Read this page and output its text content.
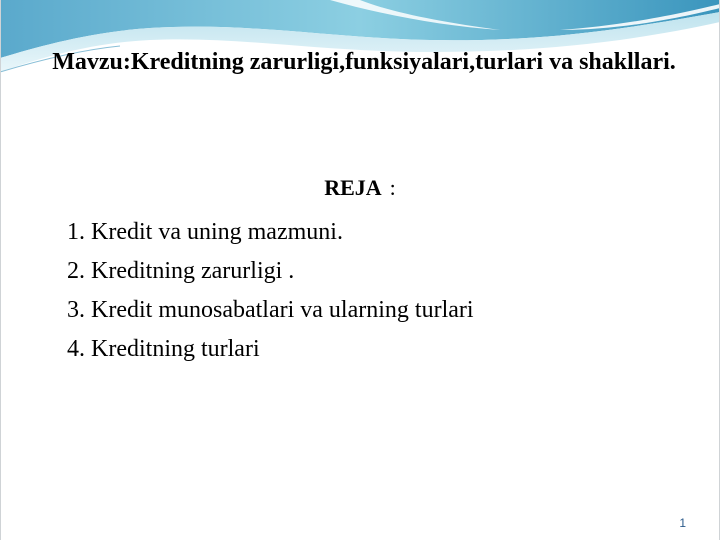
Mavzu:Kreditning zarurligi,funksiyalari,turlari va shakllari.
REJA :
1. Kredit va uning mazmuni.
2. Kreditning zarurligi .
3. Kredit munosabatlari va ularning turlari
4. Kreditning turlari
1
